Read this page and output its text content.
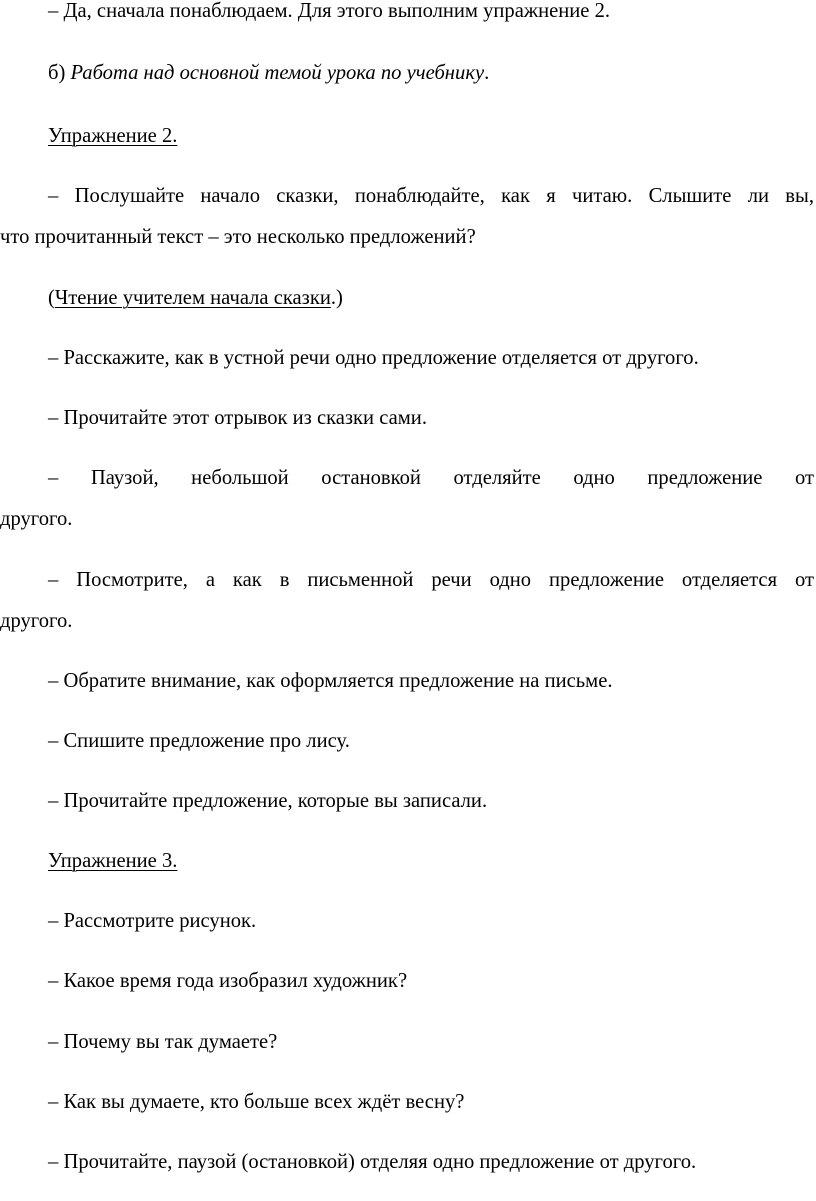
– Да, сначала понаблюдаем. Для этого выполним упражнение 2.
б) Работа над основной темой урока по учебнику.
Упражнение 2.
– Послушайте начало сказки, понаблюдайте, как я читаю. Слышите ли вы,
что прочитанный текст – это несколько предложений?
(Чтение учителем начала сказки.)
– Расскажите, как в устной речи одно предложение отделяется от другого.
– Прочитайте этот отрывок из сказки сами.
– Паузой, небольшой остановкой отделяйте одно предложение от
другого.
– Посмотрите, а как в письменной речи одно предложение отделяется от
другого.
– Обратите внимание, как оформляется предложение на письме.
– Спишите предложение про лису.
– Прочитайте предложение, которые вы записали.
Упражнение 3.
– Рассмотрите рисунок.
– Какое время года изобразил художник?
– Почему вы так думаете?
– Как вы думаете, кто больше всех ждёт весну?
– Прочитайте, паузой (остановкой) отделяя одно предложение от другого.
